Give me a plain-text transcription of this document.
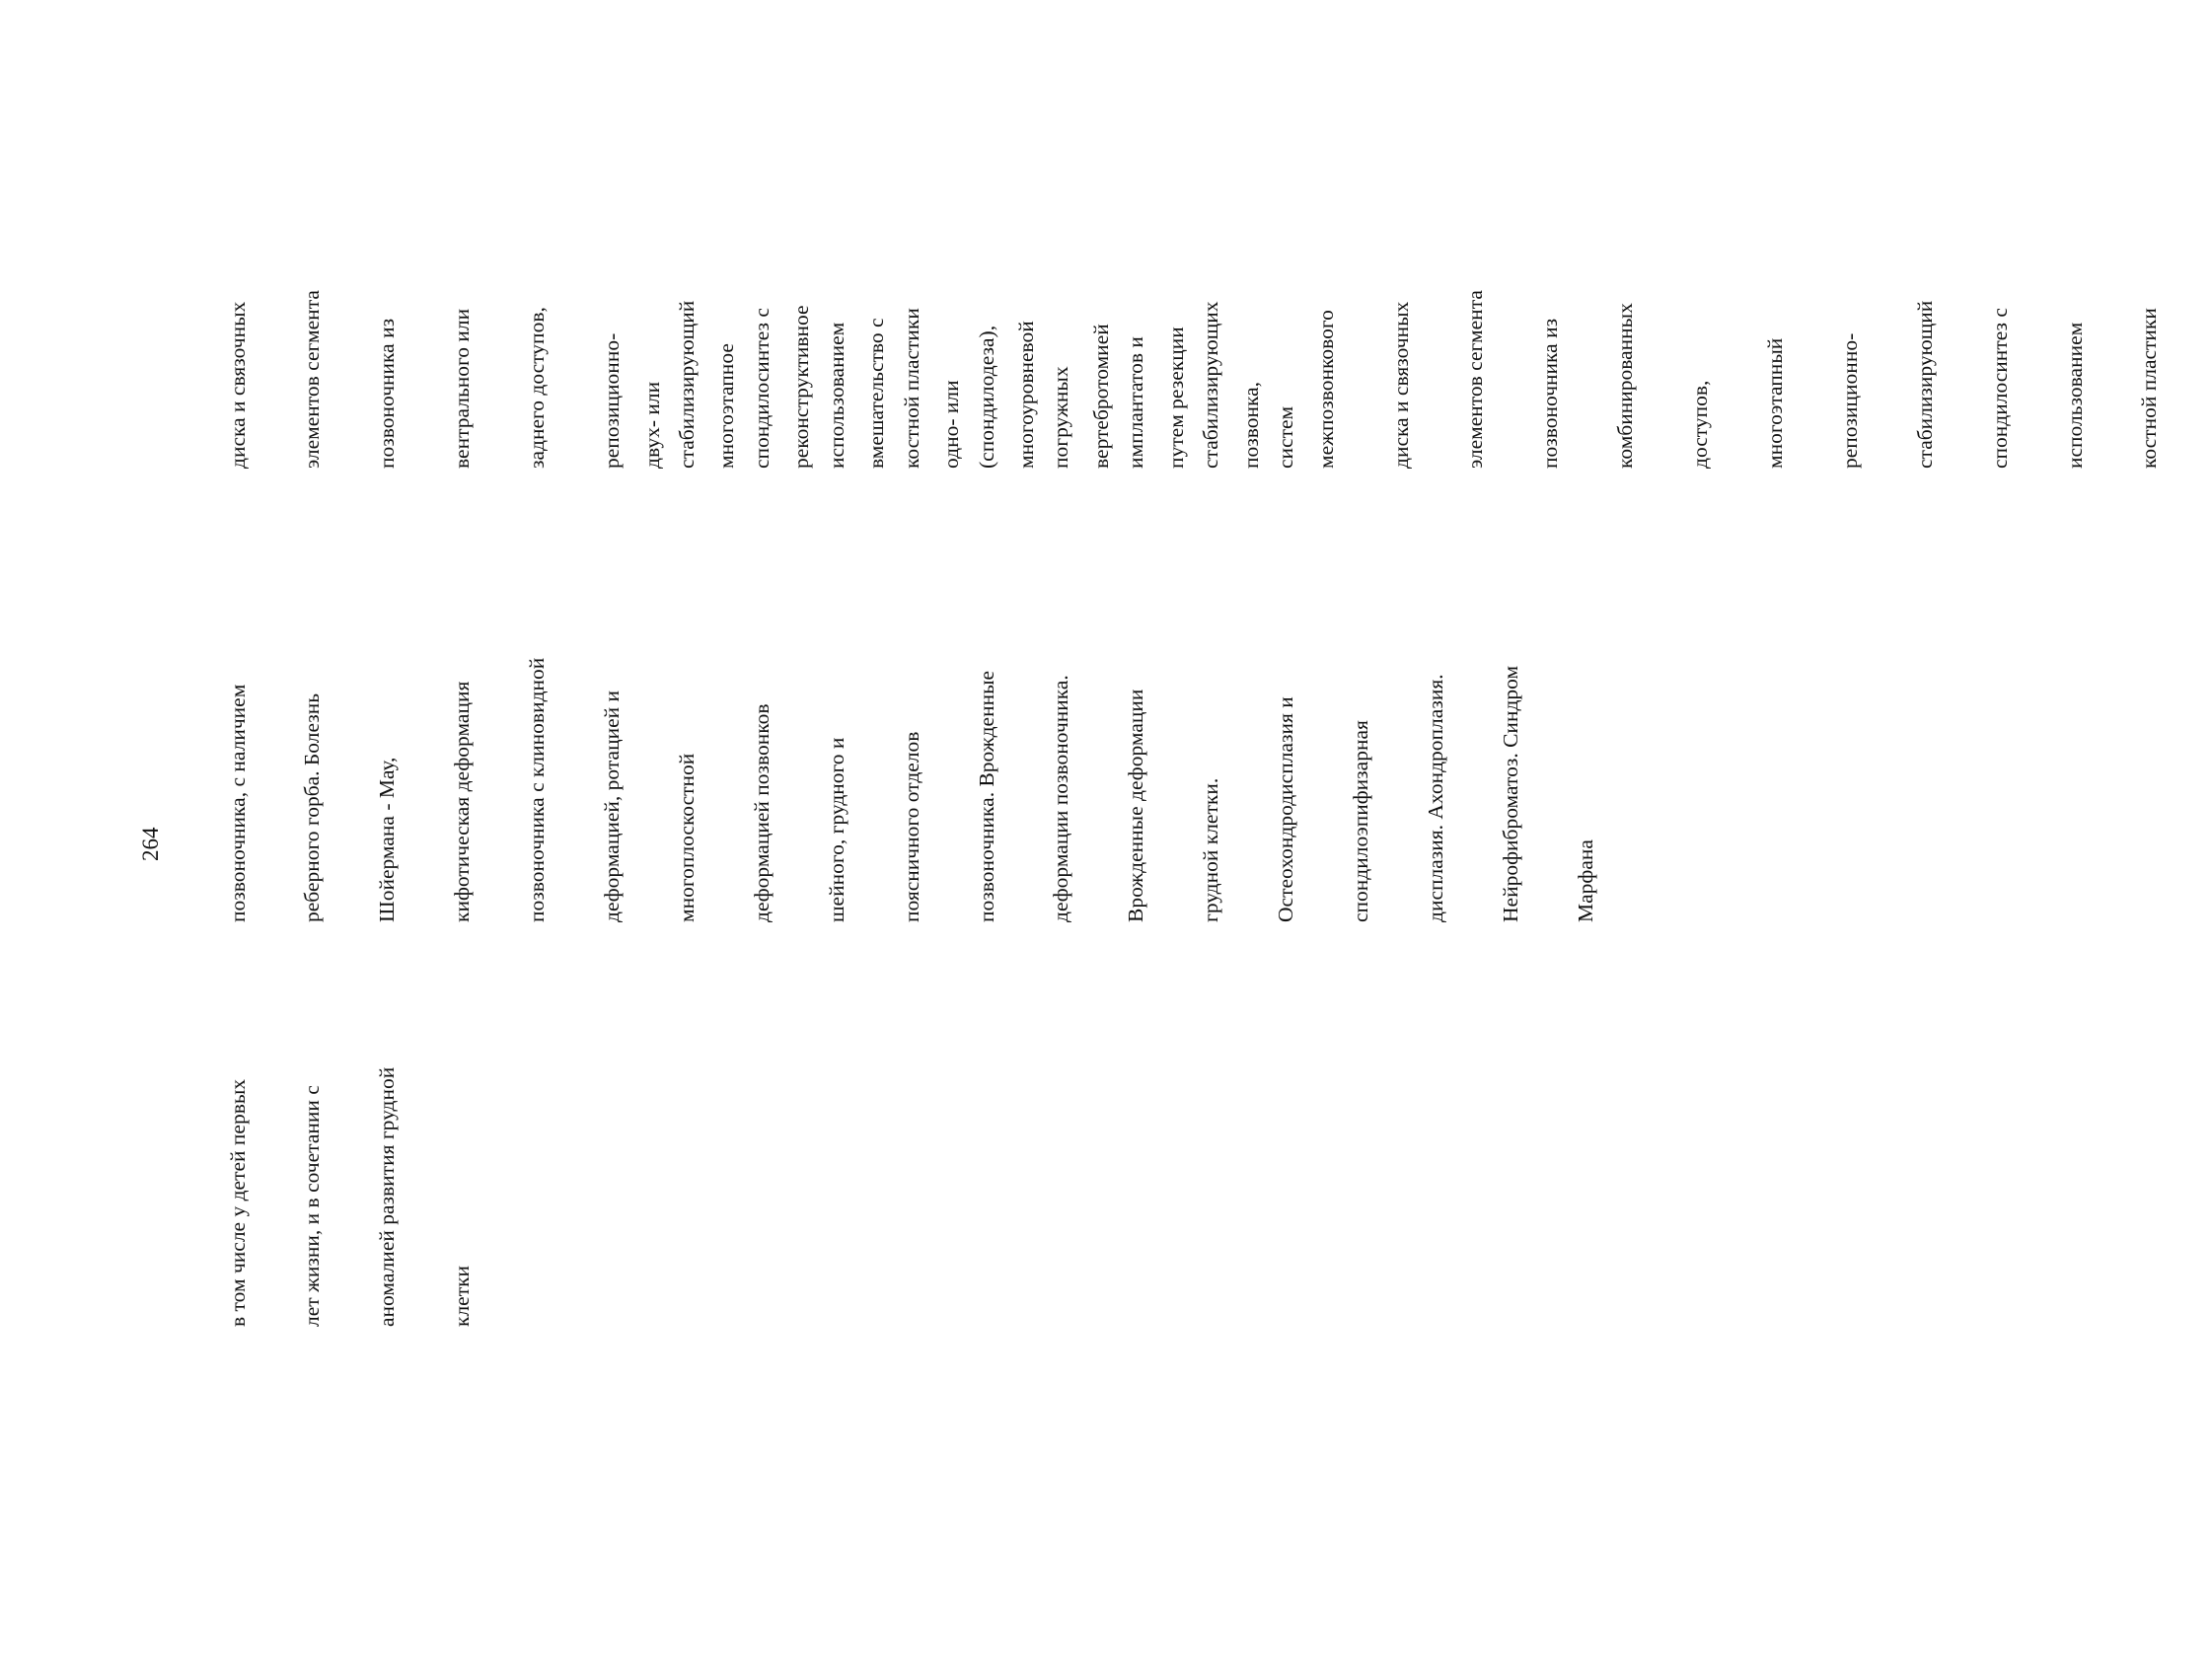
264

в том числе у детей первых

лет жизни, и в сочетании с

аномалией развития грудной

клетки

позвоночника, с наличием

реберного горба. Болезнь

Шойермана - Мау,

кифотическая деформация

позвоночника с клиновидной

деформацией, ротацией и

многоплоскостной

деформацией позвонков

шейного, грудного и

поясничного отделов

позвоночника. Врожденные

деформации позвоночника.

Врожденные деформации

грудной клетки.

Остеохондродисплазия и

спондилоэпифизарная

дисплазия. Ахондроплазия.

Нейрофиброматоз. Синдром

Марфана

диска и связочных

элементов сегмента

позвоночника из

вентрального или

заднего доступов,

репозиционно-

стабилизирующий

спондилосинтез с

использованием

костной пластики

(спондилодеза),

погружных

имплантатов и

стабилизирующих

систем

двух- или

многоэтапное

реконструктивное

вмешательство с

одно- или

многоуровневой

вертебротомией

путем резекции

позвонка,

межпозвонкового

диска и связочных

элементов сегмента

позвоночника из

комбинированных

доступов,

многоэтапный

репозиционно-

стабилизирующий

спондилосинтез с

использованием

костной пластики
